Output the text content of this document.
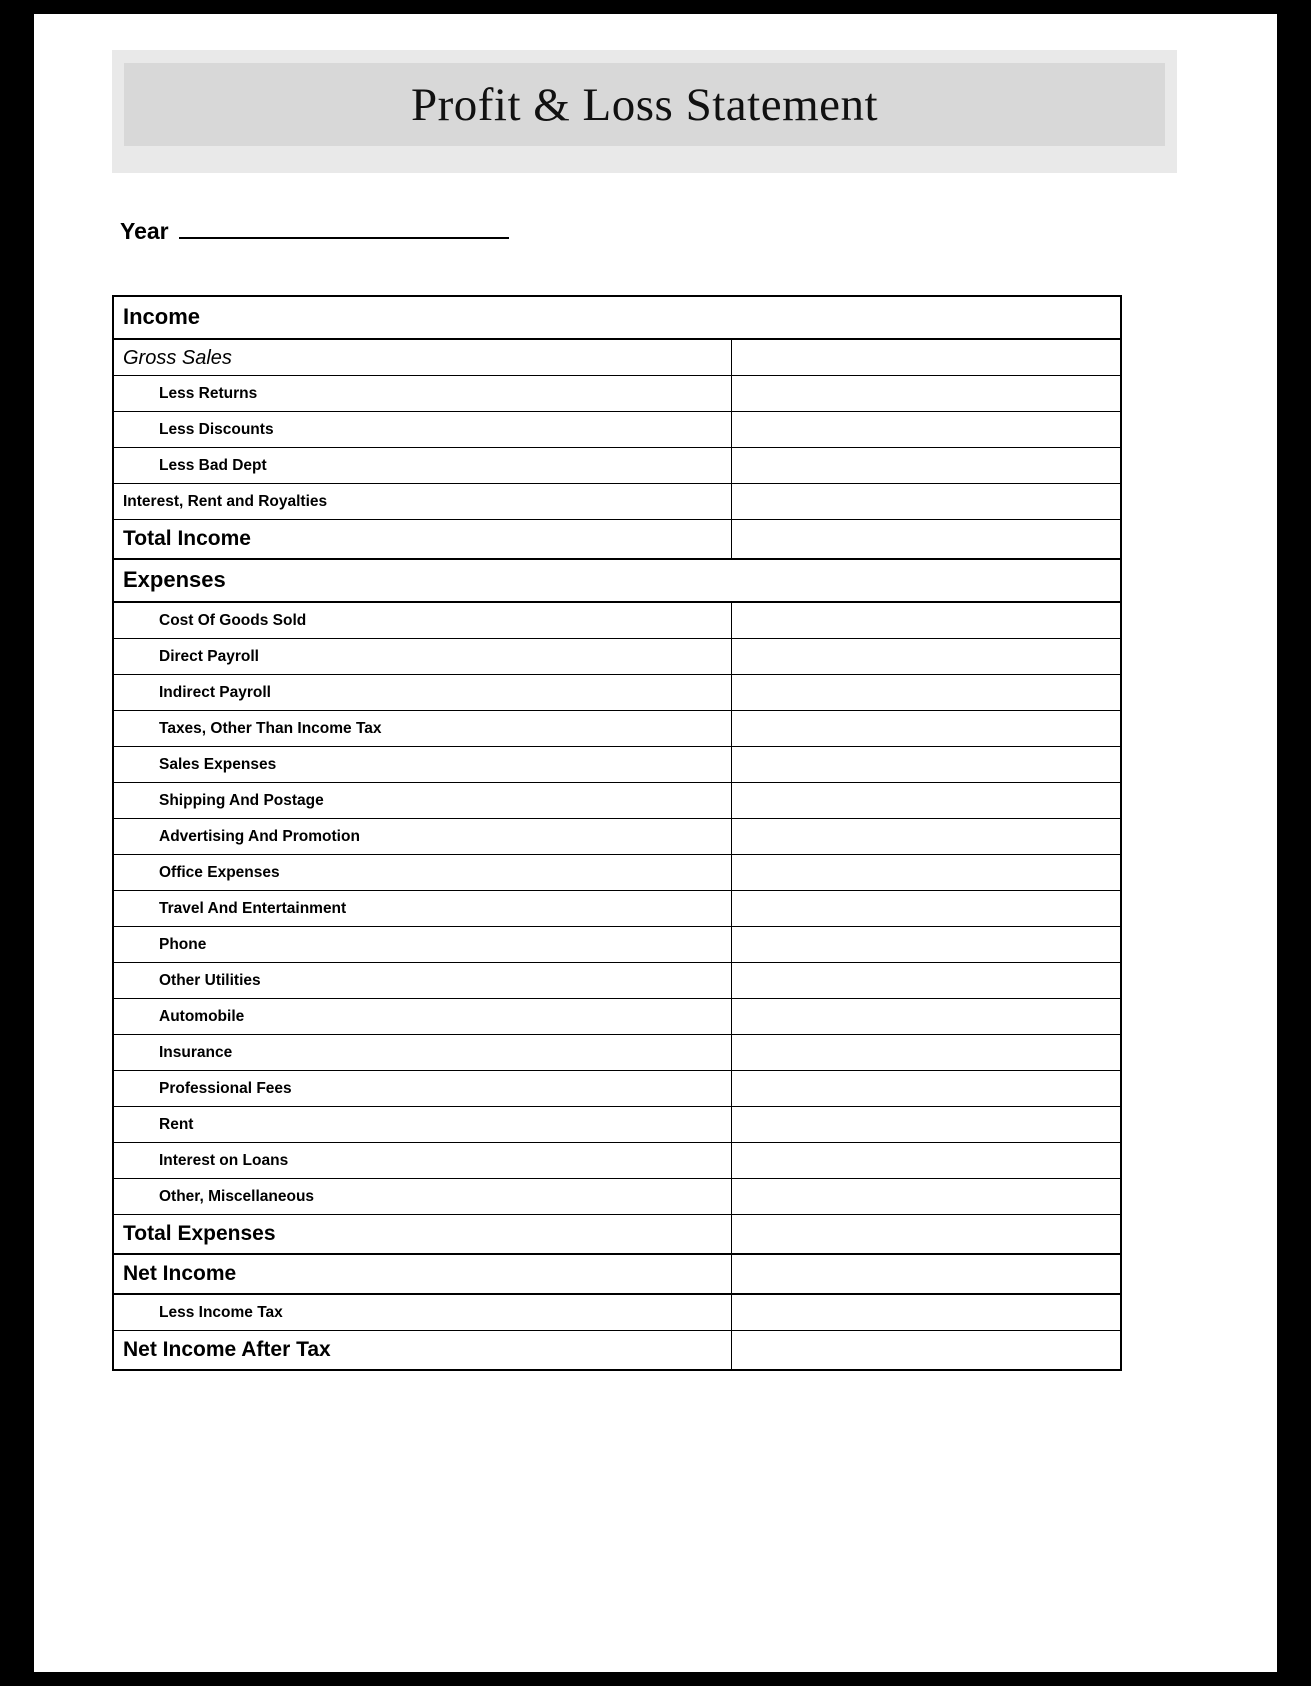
Profit & Loss Statement
Year
Income
Gross Sales
Less Returns
Less Discounts
Less Bad Dept
Interest, Rent and Royalties
Total Income
Expenses
Cost Of Goods Sold
Direct Payroll
Indirect Payroll
Taxes, Other Than Income Tax
Sales Expenses
Shipping And Postage
Advertising And Promotion
Office Expenses
Travel And Entertainment
Phone
Other Utilities
Automobile
Insurance
Professional Fees
Rent
Interest on Loans
Other, Miscellaneous
Total Expenses
Net Income
Less Income Tax
Net Income After Tax
